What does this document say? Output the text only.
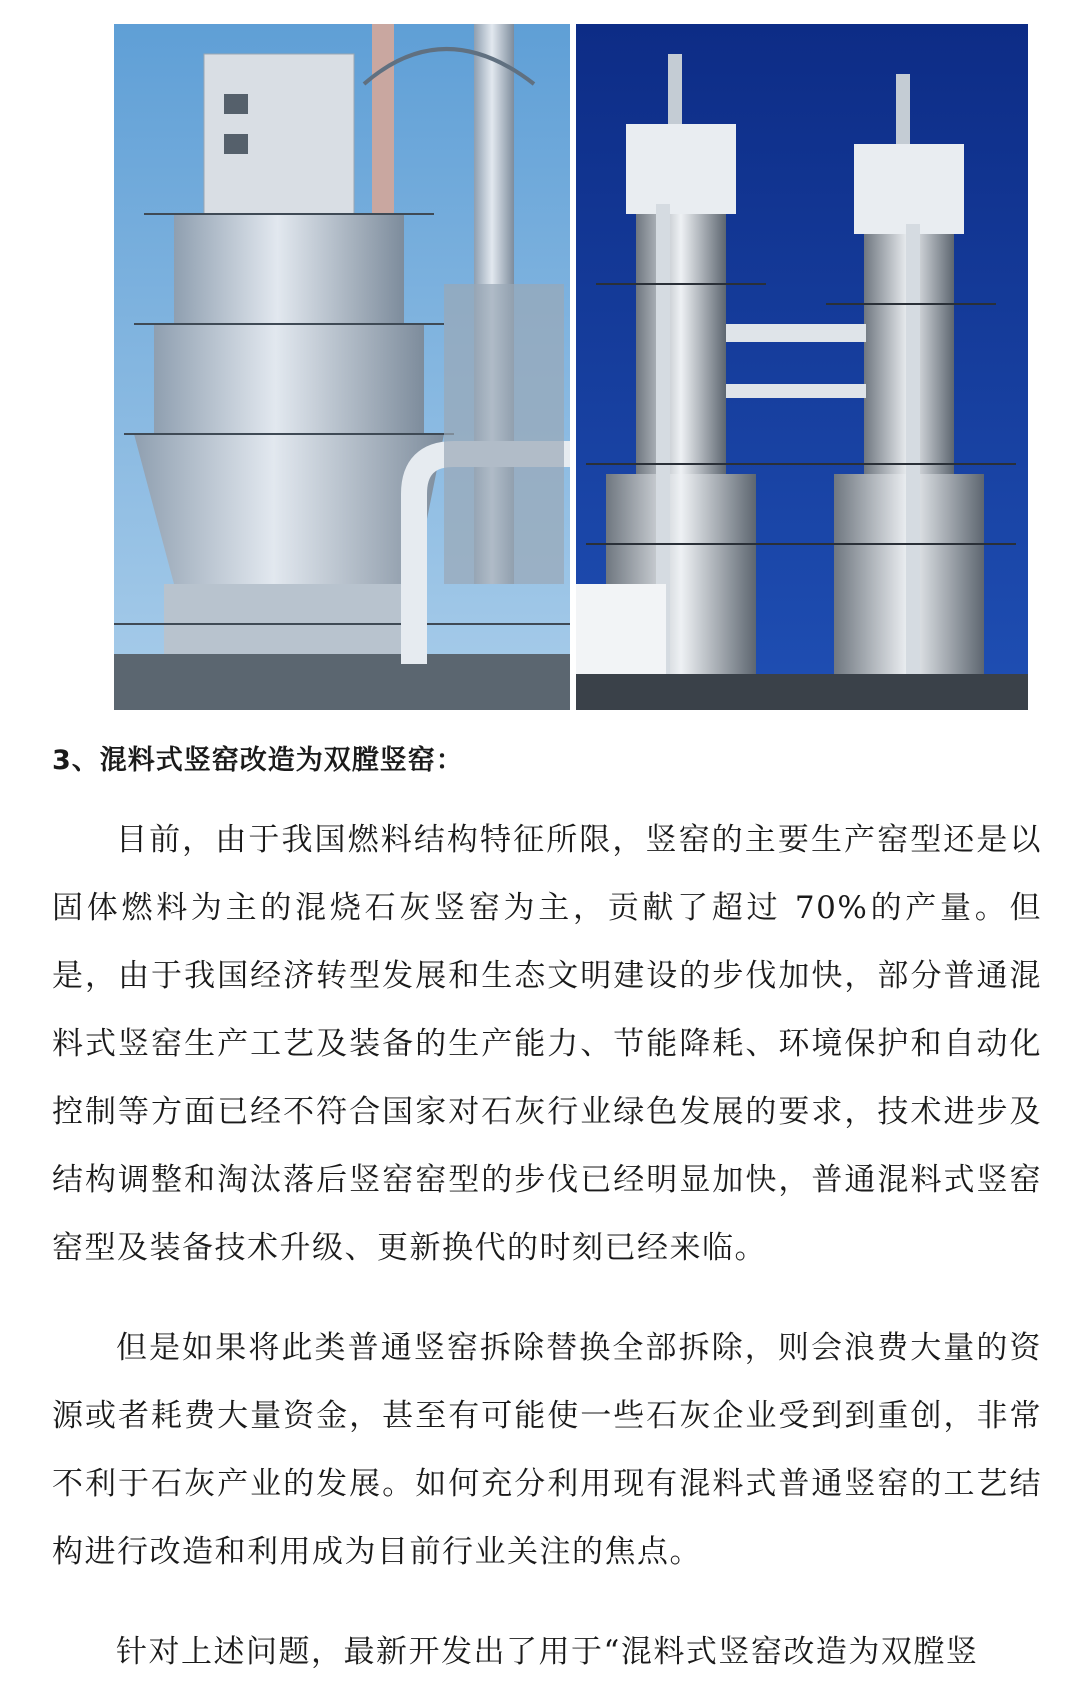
3、混料式竖窑改造为双膛竖窑：

目前，由于我国燃料结构特征所限，竖窑的主要生产窑型还是以固体燃料为主的混烧石灰竖窑为主，贡献了超过 70%的产量。但是，由于我国经济转型发展和生态文明建设的步伐加快，部分普通混料式竖窑生产工艺及装备的生产能力、节能降耗、环境保护和自动化控制等方面已经不符合国家对石灰行业绿色发展的要求，技术进步及结构调整和淘汰落后竖窑窑型的步伐已经明显加快，普通混料式竖窑窑型及装备技术升级、更新换代的时刻已经来临。

但是如果将此类普通竖窑拆除替换全部拆除，则会浪费大量的资源或者耗费大量资金，甚至有可能使一些石灰企业受到到重创，非常不利于石灰产业的发展。如何充分利用现有混料式普通竖窑的工艺结构进行改造和利用成为目前行业关注的焦点。

针对上述问题，最新开发出了用于“混料式竖窑改造为双膛竖
